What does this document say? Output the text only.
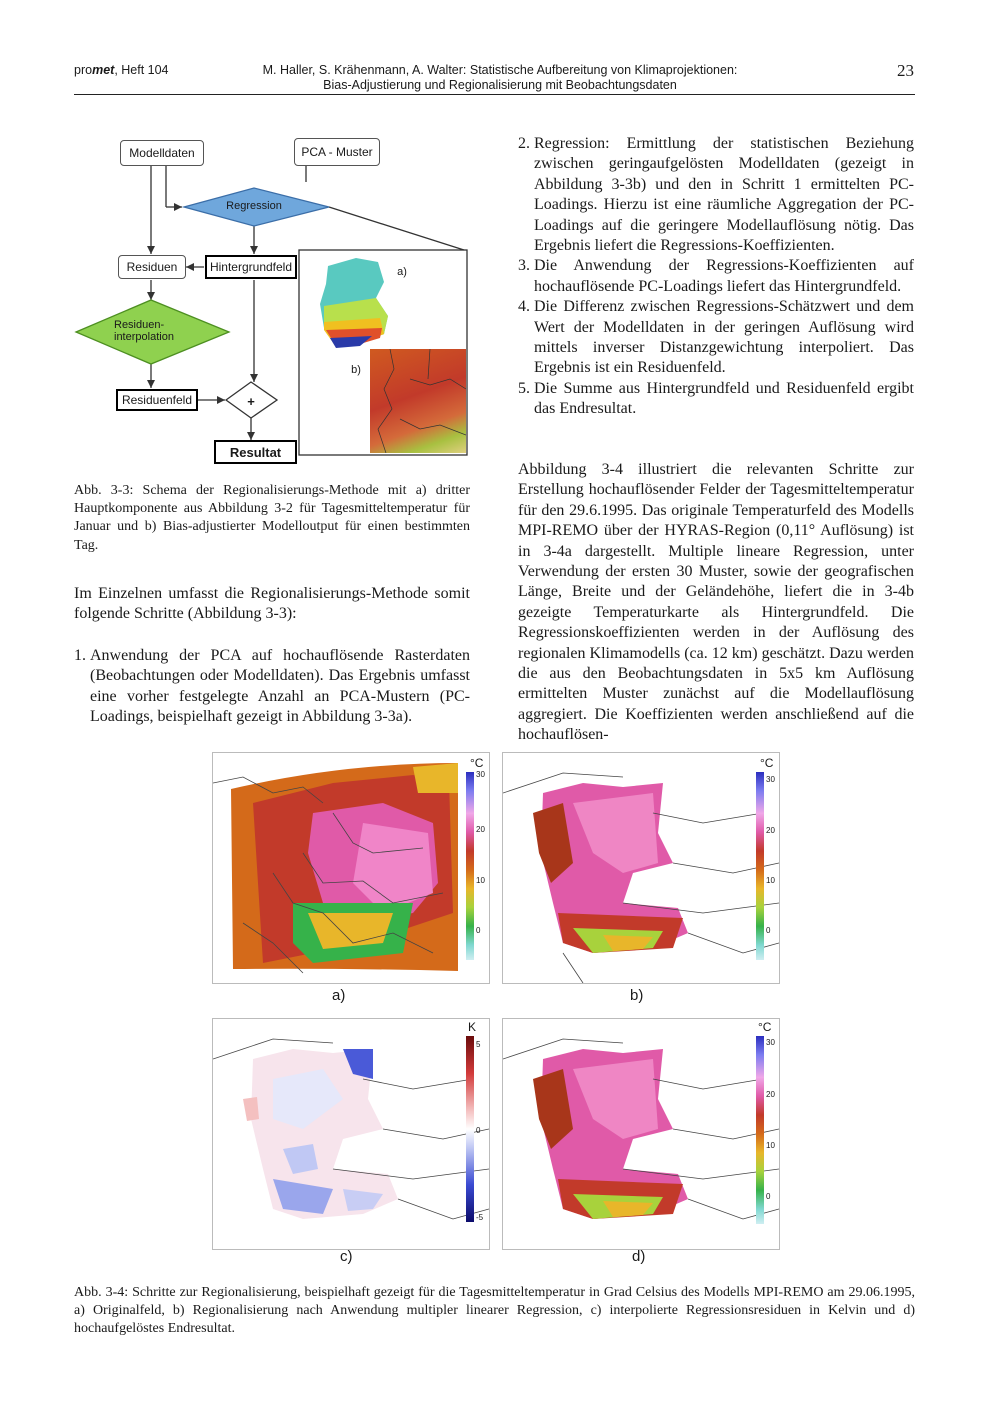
promet, Heft 104	M. Haller, S. Krähenmann, A. Walter: Statistische Aufbereitung von Klimaprojektionen:
Bias-Adjustierung und Regionalisierung mit Beobachtungsdaten
23
Modelldaten	PCA - Muster
Regression
Residuen	Hintergrundfeld
Residuen-
interpolation
Residuenfeld	+
Resultat
a)
b)
Abb. 3-3: Schema der Regionalisierungs-Methode mit a) dritter Hauptkomponente aus Abbildung 3-2 für Tagesmitteltemperatur für Januar und b) Bias-adjustierter Modelloutput für einen bestimmten Tag.
Im Einzelnen umfasst die Regionalisierungs-Methode somit folgende Schritte (Abbildung 3-3):
1. Anwendung der PCA auf hochauflösende Rasterdaten (Beobachtungen oder Modelldaten). Das Ergebnis umfasst eine vorher festgelegte Anzahl an PCA-Mustern (PC-Loadings, beispielhaft gezeigt in Abbildung 3-3a).
2. Regression: Ermittlung der statistischen Beziehung zwischen geringaufgelösten Modelldaten (gezeigt in Abbildung 3-3b) und den in Schritt 1 ermittelten PC-Loadings. Hierzu ist eine räumliche Aggregation der PC-Loadings auf die geringere Modellauflösung nötig. Das Ergebnis liefert die Regressions-Koeffizienten.
3. Die Anwendung der Regressions-Koeffizienten auf hochauflösende PC-Loadings liefert das Hintergrundfeld.
4. Die Differenz zwischen Regressions-Schätzwert und dem Wert der Modelldaten in der geringen Auflösung wird mittels inverser Distanzgewichtung interpoliert. Das Ergebnis ist ein Residuenfeld.
5. Die Summe aus Hintergrundfeld und Residuenfeld ergibt das Endresultat.
Abbildung 3-4 illustriert die relevanten Schritte zur Erstellung hochauflösender Felder der Tagesmitteltemperatur für den 29.6.1995. Das originale Temperaturfeld des Modells MPI-REMO über der HYRAS-Region (0,11° Auflösung) ist in 3-4a dargestellt. Multiple lineare Regression, unter Verwendung der ersten 30 Muster, sowie der geografischen Länge, Breite und der Geländehöhe, liefert die in 3-4b gezeigte Temperaturkarte als Hintergrundfeld. Die Regressionskoeffizienten werden in der Auflösung des regionalen Klimamodells (ca. 12 km) geschätzt. Dazu werden die aus den Beobachtungsdaten in 5x5 km Auflösung ermittelten Muster zunächst auf die Modellauflösung aggregiert. Die Koeffizienten werden anschließend auf die hochauflösen-
°C
30
20
10
0
a)
°C
30
20
10
0
b)
K
5
0
-5
c)
°C
30
20
10
0
d)
Abb. 3-4: Schritte zur Regionalisierung, beispielhaft gezeigt für die Tagesmitteltemperatur in Grad Celsius des Modells MPI-REMO am 29.06.1995, a) Originalfeld, b) Regionalisierung nach Anwendung multipler linearer Regression, c) interpolierte Regressionsresiduen in Kelvin und d) hochaufgelöstes Endresultat.
